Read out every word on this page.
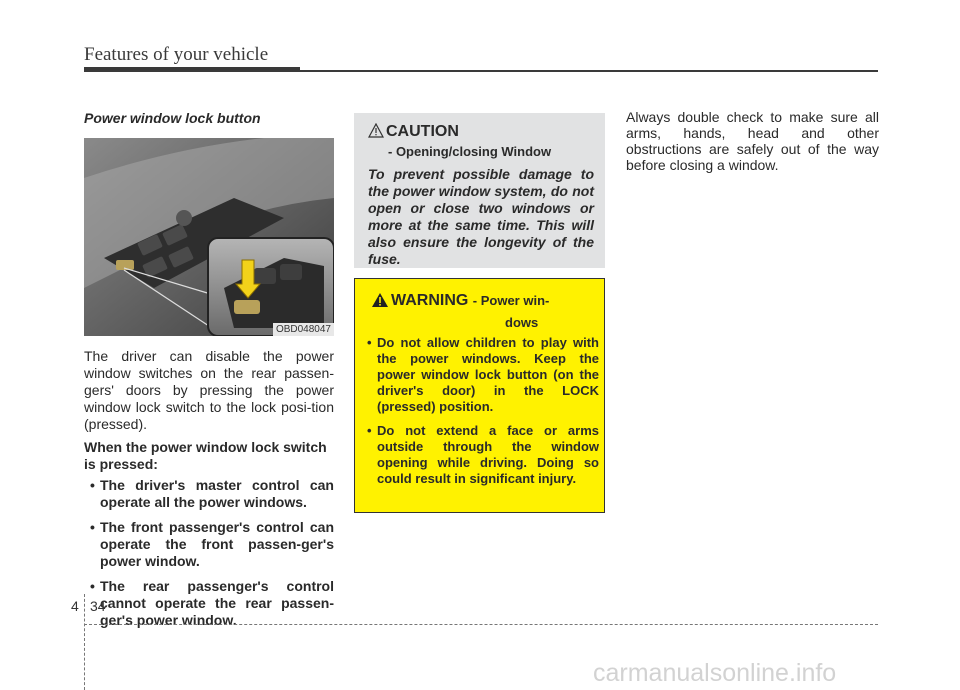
Features of your vehicle
Power window lock button
OBD048047

The driver can disable the power window switches on the rear passen-gers' doors by pressing the power window lock switch to the lock posi-tion (pressed).

When the power window lock switch is pressed:

• The driver's master control can operate all the power windows.
• The front passenger's control can operate the front passen-ger's power window.
• The rear passenger's control cannot operate the rear passen-ger's power window.
CAUTION
- Opening/closing Window
To prevent possible damage to the power window system, do not open or close two windows or more at the same time. This will also ensure the longevity of the fuse.
WARNING - Power win-
dows
• Do not allow children to play with the power windows. Keep the power window lock button (on the driver's door) in the LOCK (pressed) position.
• Do not extend a face or arms outside through the window opening while driving. Doing so could result in significant injury.
Always double check to make sure all arms, hands, head and other obstructions are safely out of the way before closing a window.
4 34
carmanualsonline.info
